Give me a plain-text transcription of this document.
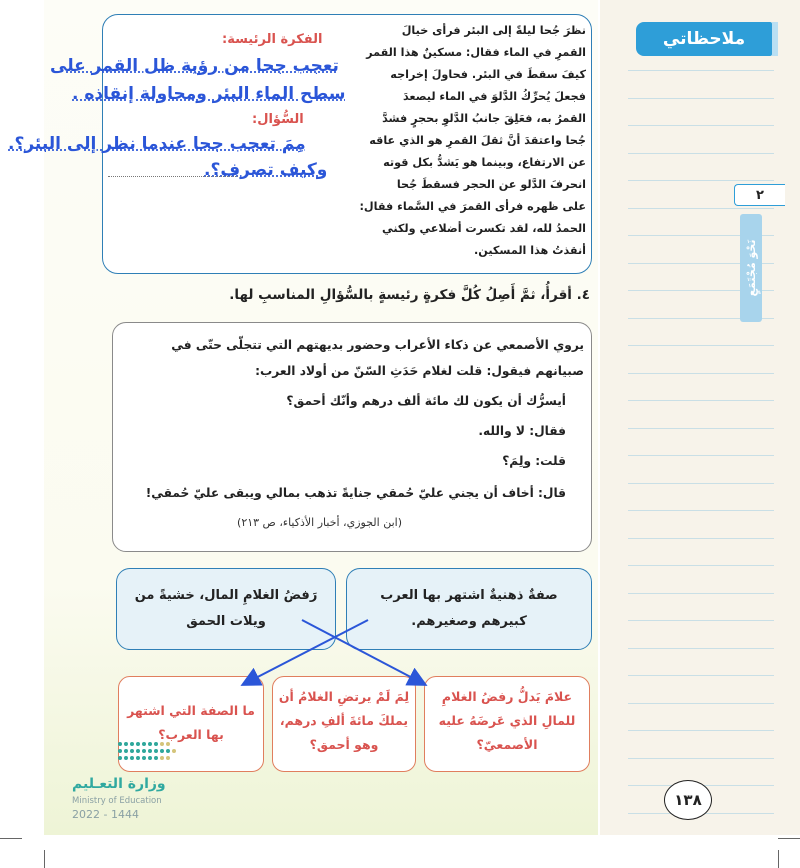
ملاحظاتي
٢
نَحْوَ مُجْتَمَعٍ
نظرَ جُحا ليلةً إلى البئر فرأى خيالَ
القمرِ في الماء فقال: مسكينٌ هذا القمر
كيفَ سقطَ في البئر. فحاولَ إخراجه
فجعلَ يُحرِّكُ الدَّلوَ في الماء ليصعدَ
القمرُ به، فعَلِقَ جانبُ الدَّلوِ بحجرٍ فشدَّ
جُحا واعتقدَ أنَّ ثقلَ القمرِ هو الذي عاقه
عن الارتفاع، وبينما هو يَشدُّ بكل قوته
انحرفَ الدَّلو عن الحجر فسقطَ جُحا
على ظهره فرأى القمرَ في السَّماء فقال:
الحمدُ لله، لقد تكسرت أضلاعي ولكني
أنقذتُ هذا المسكين.
الفكرة الرئيسة:
تعجب جحا من رؤية ظل القمر على
سطح الماء البئر ومحاولة إنقاذه .
السُّؤال:
مِمَ تعجب جحا عندما نظر إلى البئر؟.
وكيف تصرف؟.
٤. أقرأُ، ثمَّ أَصِلُ كُلَّ فكرةٍ رئيسةٍ بالسُّؤالِ المناسبِ لها.
يروي الأصمعي عن ذكاء الأعراب وحضور بديهتهم التي تتجلّى حتّى في
صبيانهم فيقول: قلت لغلام حَدَثِ السّنّ من أولاد العرب:
أيسرُّك أن يكون لك مائة ألف درهم وأنّك أحمق؟
فقال: لا والله.
قلت: ولِمَ؟
قال: أخاف أن يجني عليّ حُمقي جنايةً تذهب بمالي ويبقى عليّ حُمقي!
(ابن الجوزي، أخبار الأذكياء، ص ٢١٣)
صفةٌ ذهنيةٌ اشتهر بها العرب
كبيرهم وصغيرهم.
رَفضُ الغلامِ المال، خشيةً من
ويلات الحمق
علامَ يَدلُّ رفضُ الغلامِ
للمالِ الذي عَرضَهُ عليه
الأصمعيّ؟
لِمَ لَمْ يرتضِ الغلامُ أن
يملكَ مائةَ ألفِ درهم،
وهو أحمق؟
ما الصفة التي اشتهر
بها العرب؟
وزارة التعـليم
Ministry of Education
2022 - 1444
١٣٨
